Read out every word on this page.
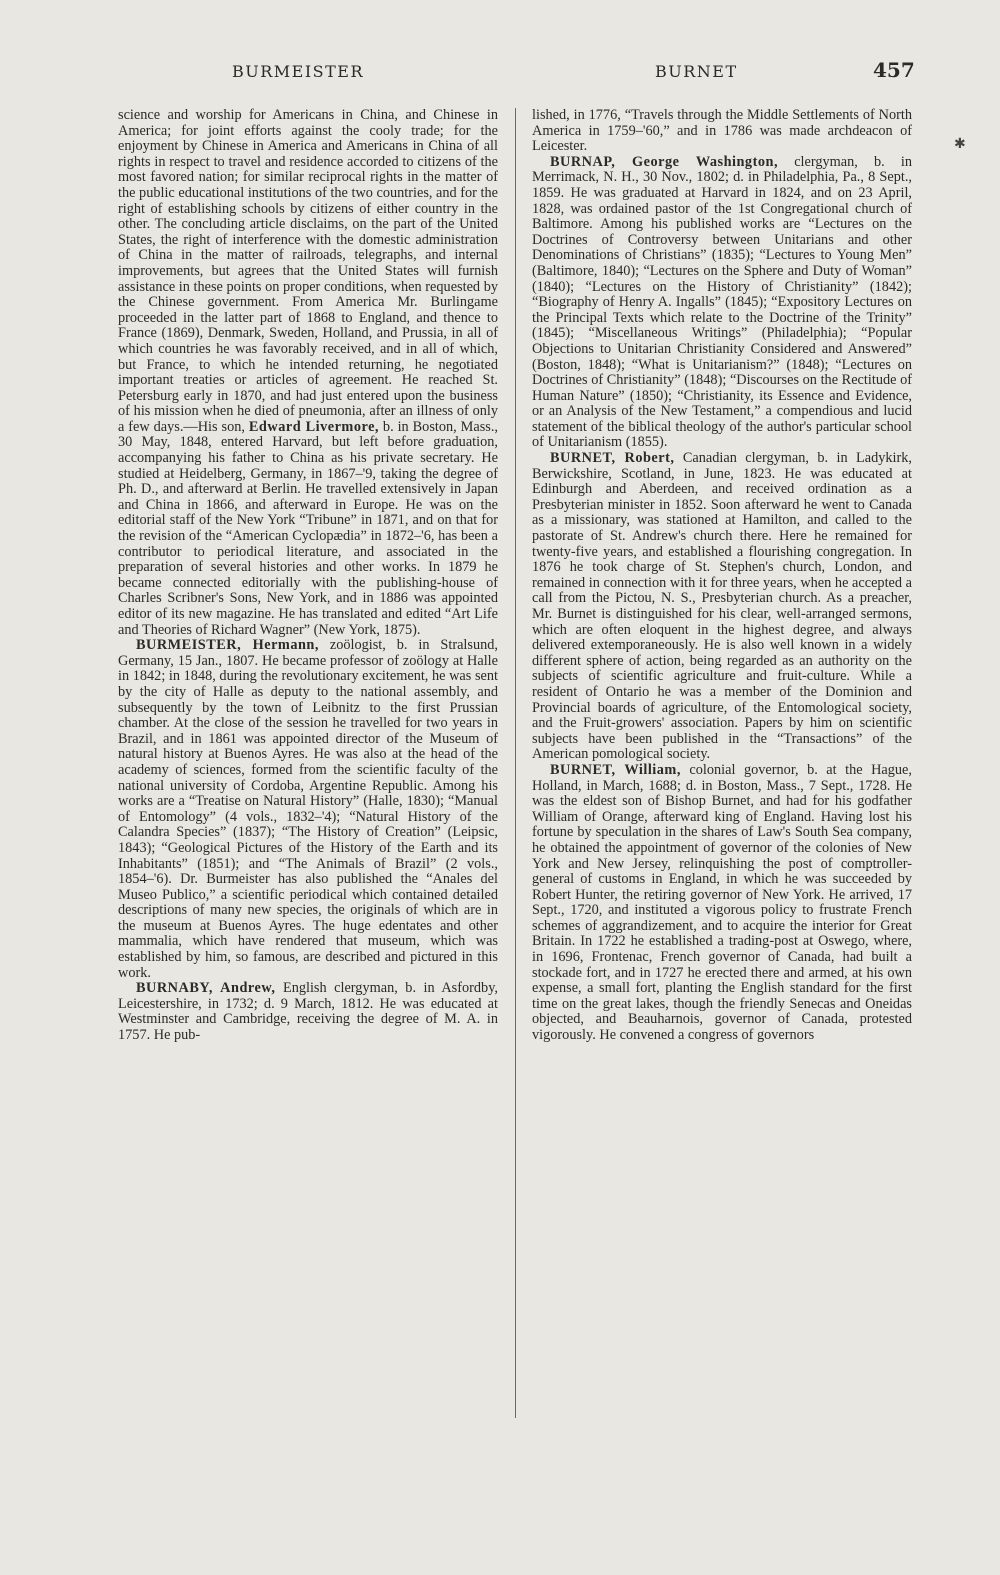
BURMEISTER	BURNET	457

science and worship for Americans in China, and Chinese in America; for joint efforts against the cooly trade; for the enjoyment by Chinese in America and Americans in China of all rights in respect to travel and residence accorded to citizens of the most favored nation; for similar reciprocal rights in the matter of the public educational institutions of the two countries, and for the right of establishing schools by citizens of either country in the other. The concluding article disclaims, on the part of the United States, the right of interference with the domestic administration of China in the matter of railroads, telegraphs, and internal improvements, but agrees that the United States will furnish assistance in these points on proper conditions, when requested by the Chinese government. From America Mr. Burlingame proceeded in the latter part of 1868 to England, and thence to France (1869), Denmark, Sweden, Holland, and Prussia, in all of which countries he was favorably received, and in all of which, but France, to which he intended returning, he negotiated important treaties or articles of agreement. He reached St. Petersburg early in 1870, and had just entered upon the business of his mission when he died of pneumonia, after an illness of only a few days.—His son, Edward Livermore, b. in Boston, Mass., 30 May, 1848, entered Harvard, but left before graduation, accompanying his father to China as his private secretary. He studied at Heidelberg, Germany, in 1867–'9, taking the degree of Ph. D., and afterward at Berlin. He travelled extensively in Japan and China in 1866, and afterward in Europe. He was on the editorial staff of the New York “Tribune” in 1871, and on that for the revision of the “American Cyclopædia” in 1872–'6, has been a contributor to periodical literature, and associated in the preparation of several histories and other works. In 1879 he became connected editorially with the publishing-house of Charles Scribner's Sons, New York, and in 1886 was appointed editor of its new magazine. He has translated and edited “Art Life and Theories of Richard Wagner” (New York, 1875).

BURMEISTER, Hermann, zoölogist, b. in Stralsund, Germany, 15 Jan., 1807. He became professor of zoölogy at Halle in 1842; in 1848, during the revolutionary excitement, he was sent by the city of Halle as deputy to the national assembly, and subsequently by the town of Leibnitz to the first Prussian chamber. At the close of the session he travelled for two years in Brazil, and in 1861 was appointed director of the Museum of natural history at Buenos Ayres. He was also at the head of the academy of sciences, formed from the scientific faculty of the national university of Cordoba, Argentine Republic. Among his works are a “Treatise on Natural History” (Halle, 1830); “Manual of Entomology” (4 vols., 1832–'4); “Natural History of the Calandra Species” (1837); “The History of Creation” (Leipsic, 1843); “Geological Pictures of the History of the Earth and its Inhabitants” (1851); and “The Animals of Brazil” (2 vols., 1854–'6). Dr. Burmeister has also published the “Anales del Museo Publico,” a scientific periodical which contained detailed descriptions of many new species, the originals of which are in the museum at Buenos Ayres. The huge edentates and other mammalia, which have rendered that museum, which was established by him, so famous, are described and pictured in this work.

BURNABY, Andrew, English clergyman, b. in Asfordby, Leicestershire, in 1732; d. 9 March, 1812. He was educated at Westminster and Cambridge, receiving the degree of M. A. in 1757. He pub-

lished, in 1776, “Travels through the Middle Settlements of North America in 1759–'60,” and in 1786 was made archdeacon of Leicester.

BURNAP, George Washington, clergyman, b. in Merrimack, N. H., 30 Nov., 1802; d. in Philadelphia, Pa., 8 Sept., 1859. He was graduated at Harvard in 1824, and on 23 April, 1828, was ordained pastor of the 1st Congregational church of Baltimore. Among his published works are “Lectures on the Doctrines of Controversy between Unitarians and other Denominations of Christians” (1835); “Lectures to Young Men” (Baltimore, 1840); “Lectures on the Sphere and Duty of Woman” (1840); “Lectures on the History of Christianity” (1842); “Biography of Henry A. Ingalls” (1845); “Expository Lectures on the Principal Texts which relate to the Doctrine of the Trinity” (1845); “Miscellaneous Writings” (Philadelphia); “Popular Objections to Unitarian Christianity Considered and Answered” (Boston, 1848); “What is Unitarianism?” (1848); “Lectures on Doctrines of Christianity” (1848); “Discourses on the Rectitude of Human Nature” (1850); “Christianity, its Essence and Evidence, or an Analysis of the New Testament,” a compendious and lucid statement of the biblical theology of the author's particular school of Unitarianism (1855).

BURNET, Robert, Canadian clergyman, b. in Ladykirk, Berwickshire, Scotland, in June, 1823. He was educated at Edinburgh and Aberdeen, and received ordination as a Presbyterian minister in 1852. Soon afterward he went to Canada as a missionary, was stationed at Hamilton, and called to the pastorate of St. Andrew's church there. Here he remained for twenty-five years, and established a flourishing congregation. In 1876 he took charge of St. Stephen's church, London, and remained in connection with it for three years, when he accepted a call from the Pictou, N. S., Presbyterian church. As a preacher, Mr. Burnet is distinguished for his clear, well-arranged sermons, which are often eloquent in the highest degree, and always delivered extemporaneously. He is also well known in a widely different sphere of action, being regarded as an authority on the subjects of scientific agriculture and fruit-culture. While a resident of Ontario he was a member of the Dominion and Provincial boards of agriculture, of the Entomological society, and the Fruit-growers' association. Papers by him on scientific subjects have been published in the “Transactions” of the American pomological society.

BURNET, William, colonial governor, b. at the Hague, Holland, in March, 1688; d. in Boston, Mass., 7 Sept., 1728. He was the eldest son of Bishop Burnet, and had for his godfather William of Orange, afterward king of England. Having lost his fortune by speculation in the shares of Law's South Sea company, he obtained the appointment of governor of the colonies of New York and New Jersey, relinquishing the post of comptroller-general of customs in England, in which he was succeeded by Robert Hunter, the retiring governor of New York. He arrived, 17 Sept., 1720, and instituted a vigorous policy to frustrate French schemes of aggrandizement, and to acquire the interior for Great Britain. In 1722 he established a trading-post at Oswego, where, in 1696, Frontenac, French governor of Canada, had built a stockade fort, and in 1727 he erected there and armed, at his own expense, a small fort, planting the English standard for the first time on the great lakes, though the friendly Senecas and Oneidas objected, and Beauharnois, governor of Canada, protested vigorously. He convened a congress of governors

✱
